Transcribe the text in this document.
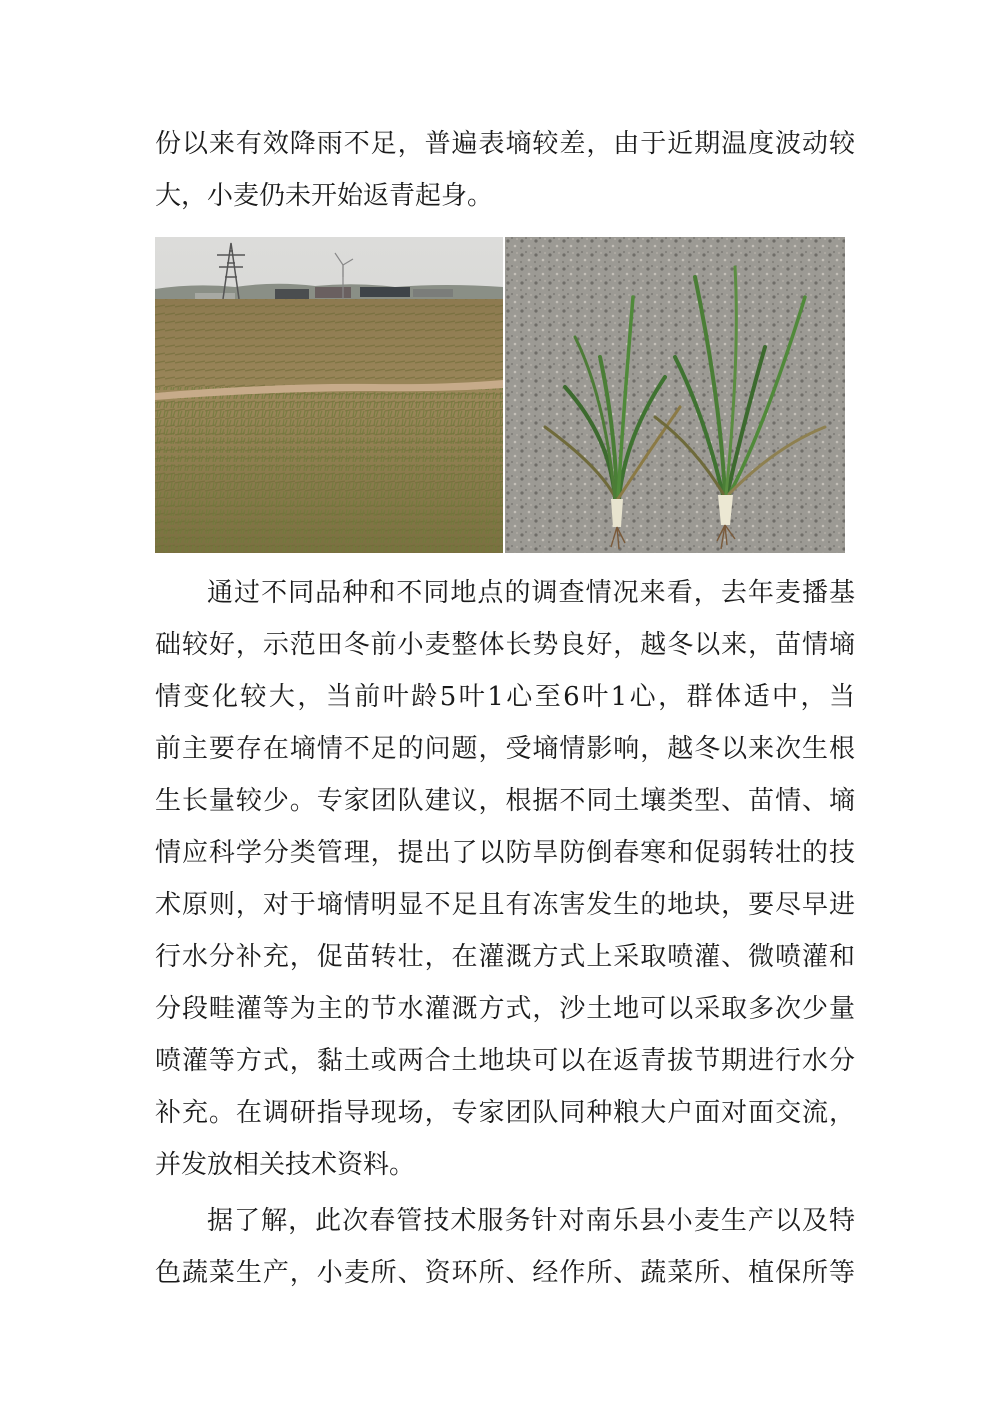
份以来有效降雨不足，普遍表墒较差，由于近期温度波动较
大，小麦仍未开始返青起身。

通过不同品种和不同地点的调查情况来看，去年麦播基
础较好，示范田冬前小麦整体长势良好，越冬以来，苗情墒
情变化较大，当前叶龄5叶1心至6叶1心，群体适中，当
前主要存在墒情不足的问题，受墒情影响，越冬以来次生根
生长量较少。专家团队建议，根据不同土壤类型、苗情、墒
情应科学分类管理，提出了以防旱防倒春寒和促弱转壮的技
术原则，对于墒情明显不足且有冻害发生的地块，要尽早进
行水分补充，促苗转壮，在灌溉方式上采取喷灌、微喷灌和
分段畦灌等为主的节水灌溉方式，沙土地可以采取多次少量
喷灌等方式，黏土或两合土地块可以在返青拔节期进行水分
补充。在调研指导现场，专家团队同种粮大户面对面交流，
并发放相关技术资料。

据了解，此次春管技术服务针对南乐县小麦生产以及特
色蔬菜生产，小麦所、资环所、经作所、蔬菜所、植保所等
